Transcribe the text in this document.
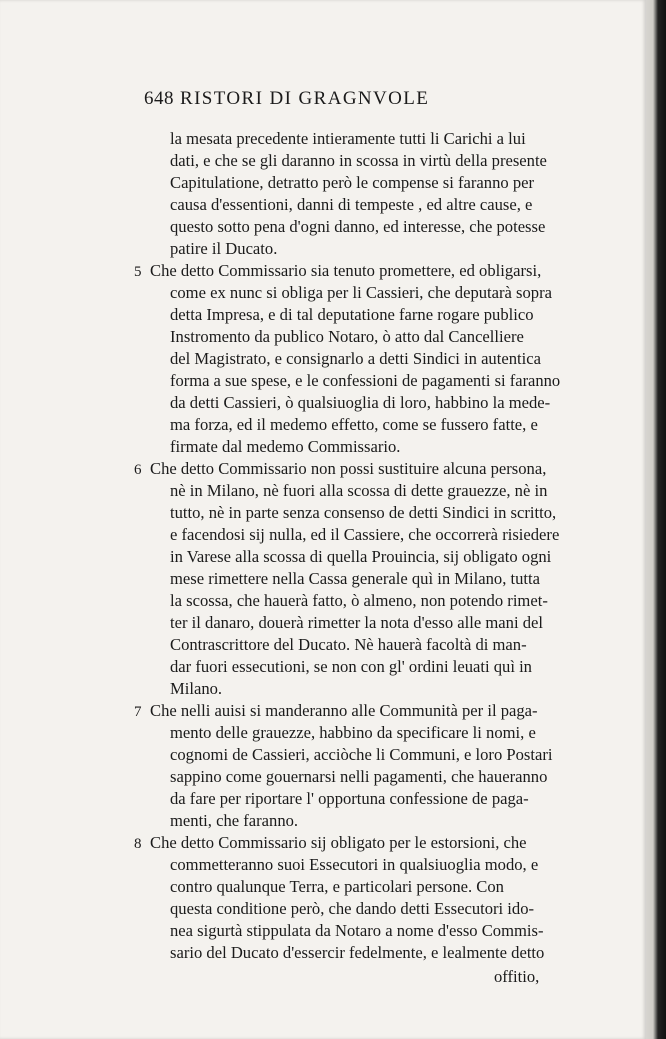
648 RISTORI DI GRAGNVOLE
la mesata precedente intieramente tutti li Carichi a lui
dati, e che se gli daranno in scossa in virtù della presente
Capitulatione, detratto però le compense si faranno per
causa d'essentioni, danni di tempeste , ed altre cause, e
questo sotto pena d'ogni danno, ed interesse, che potesse
patire il Ducato.
5 Che detto Commissario sia tenuto promettere, ed obligarsi,
come ex nunc si obliga per li Cassieri, che deputarà sopra
detta Impresa, e di tal deputatione farne rogare publico
Instromento da publico Notaro, ò atto dal Cancelliere
del Magistrato, e consignarlo a detti Sindici in autentica
forma a sue spese, e le confessioni de pagamenti si faranno
da detti Cassieri, ò qualsiuoglia di loro, habbino la mede-
ma forza, ed il medemo effetto, come se fussero fatte, e
firmate dal medemo Commissario.
6 Che detto Commissario non possi sustituire alcuna persona,
nè in Milano, nè fuori alla scossa di dette grauezze, nè in
tutto, nè in parte senza consenso de detti Sindici in scritto,
e facendosi sij nulla, ed il Cassiere, che occorrerà risiedere
in Varese alla scossa di quella Prouincia, sij obligato ogni
mese rimettere nella Cassa generale quì in Milano, tutta
la scossa, che hauerà fatto, ò almeno, non potendo rimet-
ter il danaro, douerà rimetter la nota d'esso alle mani del
Contrascrittore del Ducato. Nè hauerà facoltà di man-
dar fuori essecutioni, se non con gl' ordini leuati quì in
Milano.
7 Che nelli auisi si manderanno alle Communità per il paga-
mento delle grauezze, habbino da specificare li nomi, e
cognomi de Cassieri, acciòche li Communi, e loro Postari
sappino come gouernarsi nelli pagamenti, che haueranno
da fare per riportare l' opportuna confessione de paga-
menti, che faranno.
8 Che detto Commissario sij obligato per le estorsioni, che
commetteranno suoi Essecutori in qualsiuoglia modo, e
contro qualunque Terra, e particolari persone. Con
questa conditione però, che dando detti Essecutori ido-
nea sigurtà stippulata da Notaro a nome d'esso Commis-
sario del Ducato d'essercir fedelmente, e lealmente detto
offitio,
